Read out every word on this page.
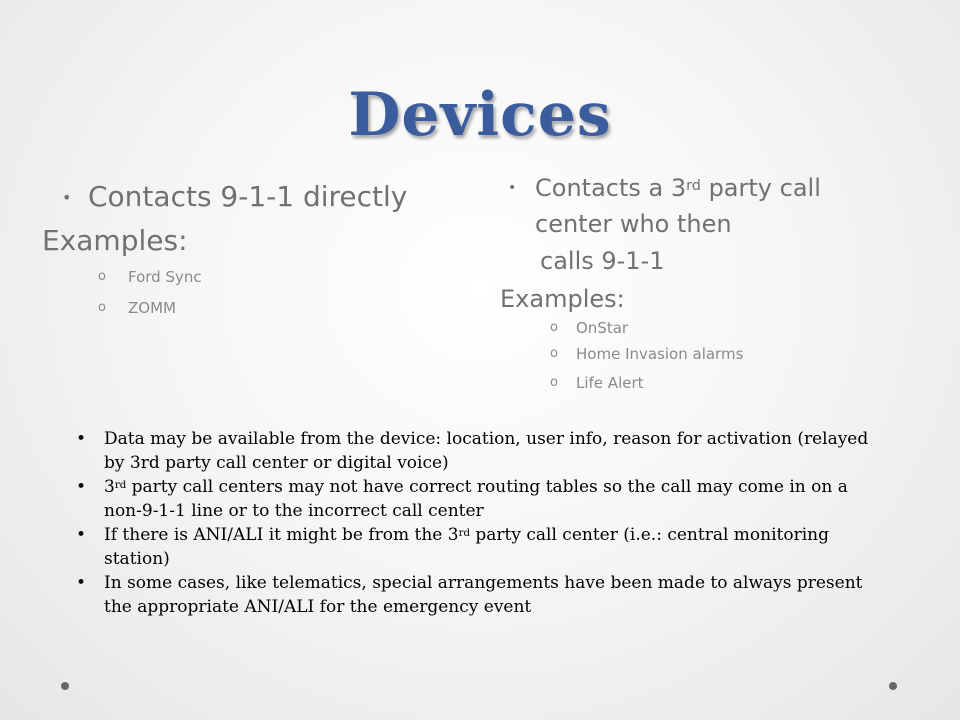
Devices
• Contacts 9-1-1 directly
Examples:
o Ford Sync
o ZOMM
• Contacts a 3rd party call
center who then
calls 9-1-1
Examples:
o OnStar
o Home Invasion alarms
o Life Alert
• Data may be available from the device: location, user info, reason for activation (relayed by 3rd party call center or digital voice)
• 3rd party call centers may not have correct routing tables so the call may come in on a non-9-1-1 line or to the incorrect call center
• If there is ANI/ALI it might be from the 3rd party call center (i.e.: central monitoring station)
• In some cases, like telematics, special arrangements have been made to always present the appropriate ANI/ALI for the emergency event
